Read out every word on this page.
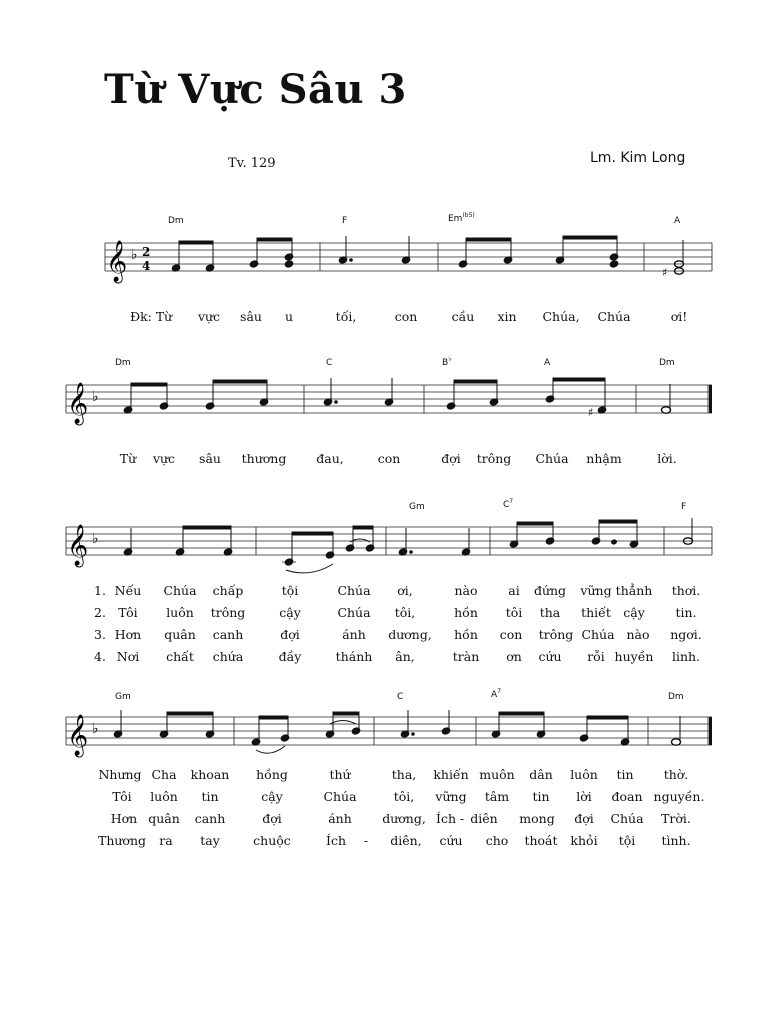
Từ Vực Sâu 3
Tv. 129	Lm. Kim Long
Dm	F	$Em^{(b5)}$
A
𝄞 ♭ 2
4	♯
Đk: Từ vực sâu u	tối,	con	cầu xin Chúa, Chúa	ơi!
Dm	C	B♭	A	Dm
𝄞 ♭
♯
Từ vực sâu thương đau,	con	đợi trông Chúa nhậm	lời.
Gm	$C^7$
F
𝄞 ♭
1.
2.
3.
4.
Nếu Chúa chấp	tội	Chúa ơi,	nào ai đứng vững thẳnh thơi.
Tôi luôn trông	cậy	Chúa tôi,	hồn tôi tha thiết cậy tin.
Hơn quân canh	đợi	ánh dương, hồn con trông Chúa nào ngơi.
Nơi chất chứa	đầy	thánh ân,	tràn ơn cứu rỗi huyền linh.
Gm	C	$A^7$
Dm
𝄞 ♭
Nhưng Cha khoan hồng	thứ	tha, khiến muôn dân luôn tin thờ.
Tôi luôn tin	cậy	Chúa	tôi, vững tâm tin lời đoan nguyền.
Hơn quân canh	đợi	ánh dương, Ích - diên mong đợi Chúa Trời.
Thương ra tay	chuộc	Ích - diên, cứu cho thoát khỏi tội tình.
